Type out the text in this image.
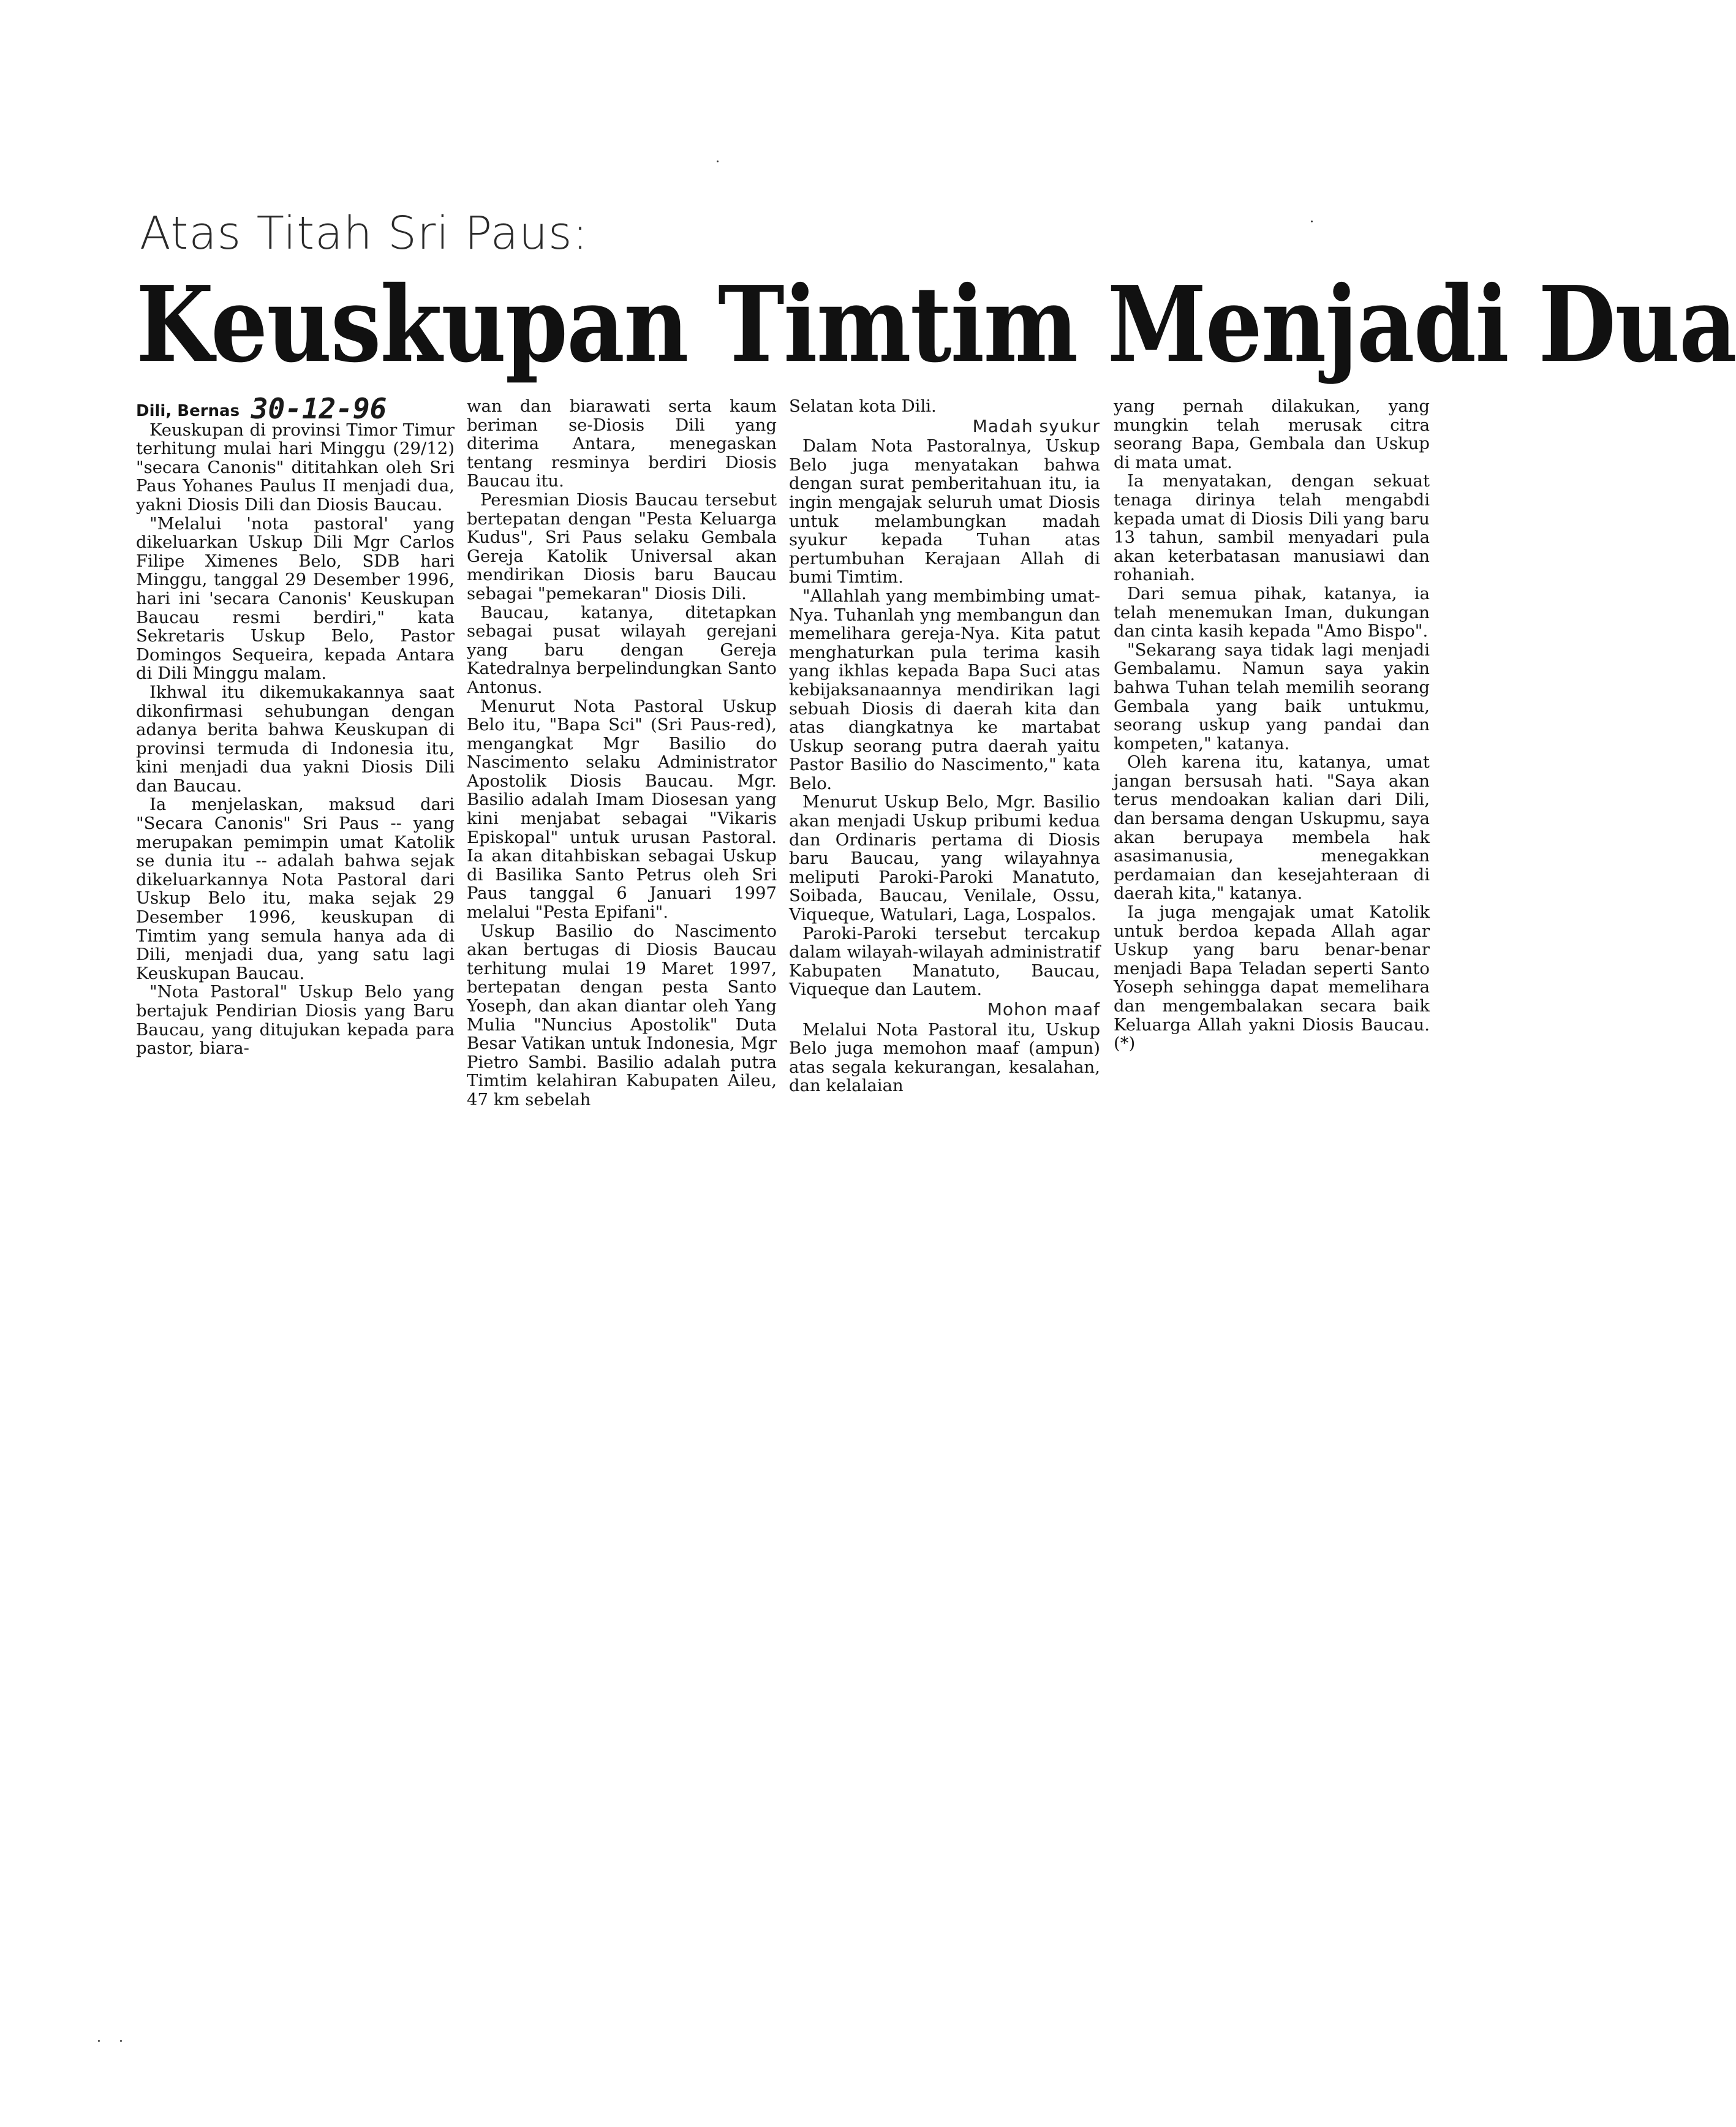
Atas Titah Sri Paus:
Keuskupan Timtim Menjadi Dua
Dili, Bernas 30-12-96

Keuskupan di provinsi Timor Timur terhitung mulai hari Minggu (29/12) "secara Canonis" dititahkan oleh Sri Paus Yohanes Paulus II menjadi dua, yakni Diosis Dili dan Diosis Baucau.

"Melalui 'nota pastoral' yang dikeluarkan Uskup Dili Mgr Carlos Filipe Ximenes Belo, SDB hari Minggu, tanggal 29 Desember 1996, hari ini 'secara Canonis' Keuskupan Baucau resmi berdiri," kata Sekretaris Uskup Belo, Pastor Domingos Sequeira, kepada Antara di Dili Minggu malam.

Ikhwal itu dikemukakannya saat dikonfirmasi sehubungan dengan adanya berita bahwa Keuskupan di provinsi termuda di Indonesia itu, kini menjadi dua yakni Diosis Dili dan Baucau.

Ia menjelaskan, maksud dari "Secara Canonis" Sri Paus -- yang merupakan pemimpin umat Katolik se dunia itu -- adalah bahwa sejak dikeluarkannya Nota Pastoral dari Uskup Belo itu, maka sejak 29 Desember 1996, keuskupan di Timtim yang semula hanya ada di Dili, menjadi dua, yang satu lagi Keuskupan Baucau.

"Nota Pastoral" Uskup Belo yang bertajuk Pendirian Diosis yang Baru Baucau, yang ditujukan kepada para pastor, biara-

wan dan biarawati serta kaum beriman se-Diosis Dili yang diterima Antara, menegaskan tentang resminya berdiri Diosis Baucau itu.

Peresmian Diosis Baucau tersebut bertepatan dengan "Pesta Keluarga Kudus", Sri Paus selaku Gembala Gereja Katolik Universal akan mendirikan Diosis baru Baucau sebagai "pemekaran" Diosis Dili.

Baucau, katanya, ditetapkan sebagai pusat wilayah gerejani yang baru dengan Gereja Katedralnya berpelindungkan Santo Antonus.

Menurut Nota Pastoral Uskup Belo itu, "Bapa Sci" (Sri Paus-red), mengangkat Mgr Basilio do Nascimento selaku Administrator Apostolik Diosis Baucau. Mgr. Basilio adalah Imam Diosesan yang kini menjabat sebagai "Vikaris Episkopal" untuk urusan Pastoral. Ia akan ditahbiskan sebagai Uskup di Basilika Santo Petrus oleh Sri Paus tanggal 6 Januari 1997 melalui "Pesta Epifani".

Uskup Basilio do Nascimento akan bertugas di Diosis Baucau terhitung mulai 19 Maret 1997, bertepatan dengan pesta Santo Yoseph, dan akan diantar oleh Yang Mulia "Nuncius Apostolik" Duta Besar Vatikan untuk Indonesia, Mgr Pietro Sambi. Basilio adalah putra Timtim kelahiran Kabupaten Aileu, 47 km sebelah

Selatan kota Dili.

Madah syukur

Dalam Nota Pastoralnya, Uskup Belo juga menyatakan bahwa dengan surat pemberitahuan itu, ia ingin mengajak seluruh umat Diosis untuk melambungkan madah syukur kepada Tuhan atas pertumbuhan Kerajaan Allah di bumi Timtim.

"Allahlah yang membimbing umat-Nya. Tuhanlah yng membangun dan memelihara gereja-Nya. Kita patut menghaturkan pula terima kasih yang ikhlas kepada Bapa Suci atas kebijaksanaannya mendirikan lagi sebuah Diosis di daerah kita dan atas diangkatnya ke martabat Uskup seorang putra daerah yaitu Pastor Basilio do Nascimento," kata Belo.

Menurut Uskup Belo, Mgr. Basilio akan menjadi Uskup pribumi kedua dan Ordinaris pertama di Diosis baru Baucau, yang wilayahnya meliputi Paroki-Paroki Manatuto, Soibada, Baucau, Venilale, Ossu, Viqueque, Watulari, Laga, Lospalos.

Paroki-Paroki tersebut tercakup dalam wilayah-wilayah administratif Kabupaten Manatuto, Baucau, Viqueque dan Lautem.

Mohon maaf

Melalui Nota Pastoral itu, Uskup Belo juga memohon maaf (ampun) atas segala kekurangan, kesalahan, dan kelalaian

yang pernah dilakukan, yang mungkin telah merusak citra seorang Bapa, Gembala dan Uskup di mata umat.

Ia menyatakan, dengan sekuat tenaga dirinya telah mengabdi kepada umat di Diosis Dili yang baru 13 tahun, sambil menyadari pula akan keterbatasan manusiawi dan rohaniah.

Dari semua pihak, katanya, ia telah menemukan Iman, dukungan dan cinta kasih kepada "Amo Bispo".

"Sekarang saya tidak lagi menjadi Gembalamu. Namun saya yakin bahwa Tuhan telah memilih seorang Gembala yang baik untukmu, seorang uskup yang pandai dan kompeten," katanya.

Oleh karena itu, katanya, umat jangan bersusah hati. "Saya akan terus mendoakan kalian dari Dili, dan bersama dengan Uskupmu, saya akan berupaya membela hak asasimanusia, menegakkan perdamaian dan kesejahteraan di daerah kita," katanya.

Ia juga mengajak umat Katolik untuk berdoa kepada Allah agar Uskup yang baru benar-benar menjadi Bapa Teladan seperti Santo Yoseph sehingga dapat memelihara dan mengembalakan secara baik Keluarga Allah yakni Diosis Baucau. (*)
